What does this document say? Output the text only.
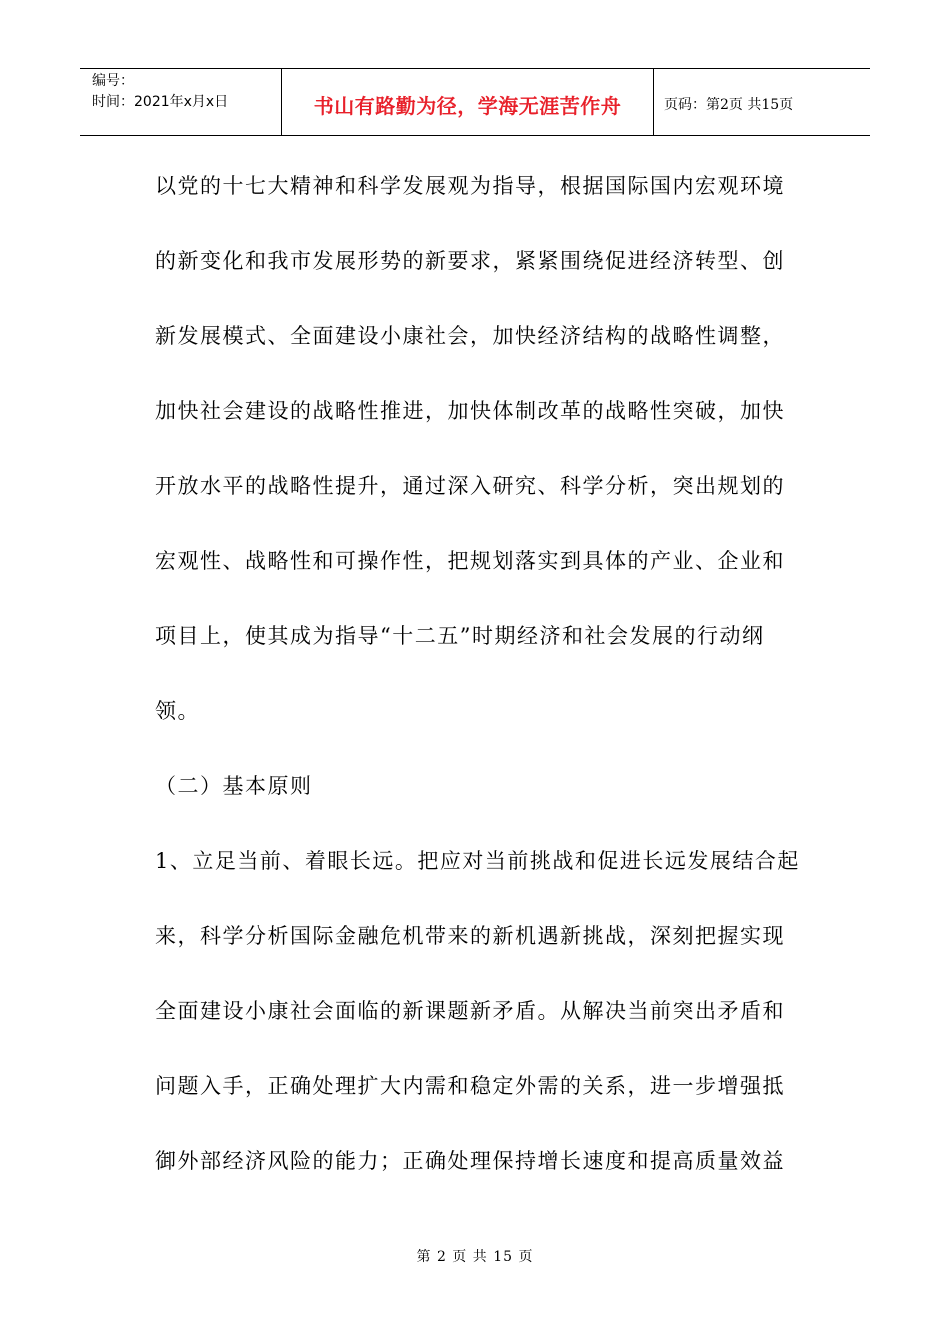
编号：
时间：2021年x月x日	书山有路勤为径，学海无涯苦作舟	页码：第2页 共15页
以党的十七大精神和科学发展观为指导，根据国际国内宏观环境
的新变化和我市发展形势的新要求，紧紧围绕促进经济转型、创
新发展模式、全面建设小康社会，加快经济结构的战略性调整，
加快社会建设的战略性推进，加快体制改革的战略性突破，加快
开放水平的战略性提升，通过深入研究、科学分析，突出规划的
宏观性、战略性和可操作性，把规划落实到具体的产业、企业和
项目上，使其成为指导“十二五”时期经济和社会发展的行动纲
领。
（二）基本原则
1、立足当前、着眼长远。把应对当前挑战和促进长远发展结合起
来，科学分析国际金融危机带来的新机遇新挑战，深刻把握实现
全面建设小康社会面临的新课题新矛盾。从解决当前突出矛盾和
问题入手，正确处理扩大内需和稳定外需的关系，进一步增强抵
御外部经济风险的能力；正确处理保持增长速度和提高质量效益
第 2 页 共 15 页
